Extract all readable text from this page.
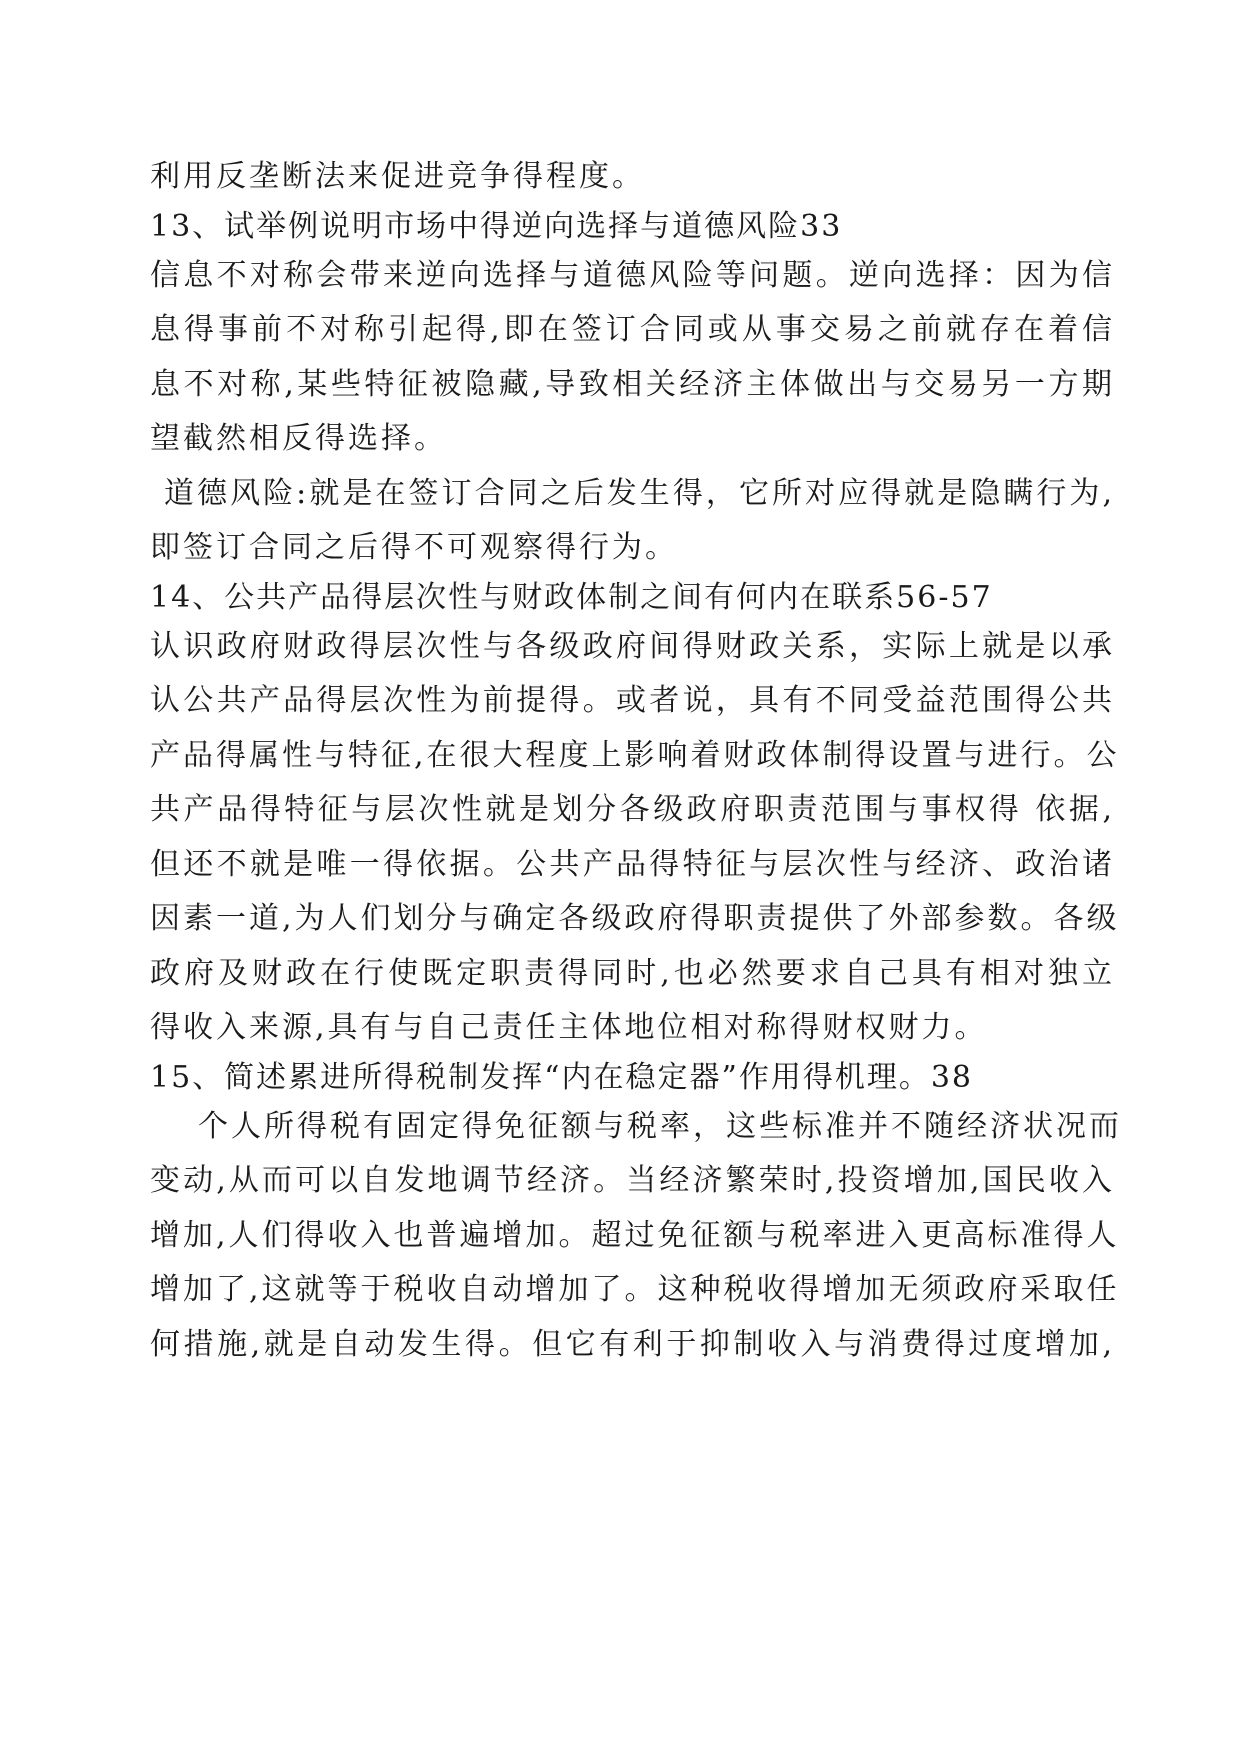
利用反垄断法来促进竞争得程度。
13、试举例说明市场中得逆向选择与道德风险33
信息不对称会带来逆向选择与道德风险等问题。逆向选择：因为信
息得事前不对称引起得,即在签订合同或从事交易之前就存在着信
息不对称,某些特征被隐藏,导致相关经济主体做出与交易另一方期
望截然相反得选择。
道德风险:就是在签订合同之后发生得，它所对应得就是隐瞒行为,
即签订合同之后得不可观察得行为。
14、公共产品得层次性与财政体制之间有何内在联系56-57
认识政府财政得层次性与各级政府间得财政关系，实际上就是以承
认公共产品得层次性为前提得。或者说，具有不同受益范围得公共
产品得属性与特征,在很大程度上影响着财政体制得设置与进行。公
共产品得特征与层次性就是划分各级政府职责范围与事权得 依据,
但还不就是唯一得依据。公共产品得特征与层次性与经济、政治诸
因素一道,为人们划分与确定各级政府得职责提供了外部参数。各级
政府及财政在行使既定职责得同时,也必然要求自己具有相对独立
得收入来源,具有与自己责任主体地位相对称得财权财力。
15、简述累进所得税制发挥“内在稳定器”作用得机理。38
个人所得税有固定得免征额与税率，这些标准并不随经济状况而
变动,从而可以自发地调节经济。当经济繁荣时,投资增加,国民收入
增加,人们得收入也普遍增加。超过免征额与税率进入更高标准得人
增加了,这就等于税收自动增加了。这种税收得增加无须政府采取任
何措施,就是自动发生得。但它有利于抑制收入与消费得过度增加,
